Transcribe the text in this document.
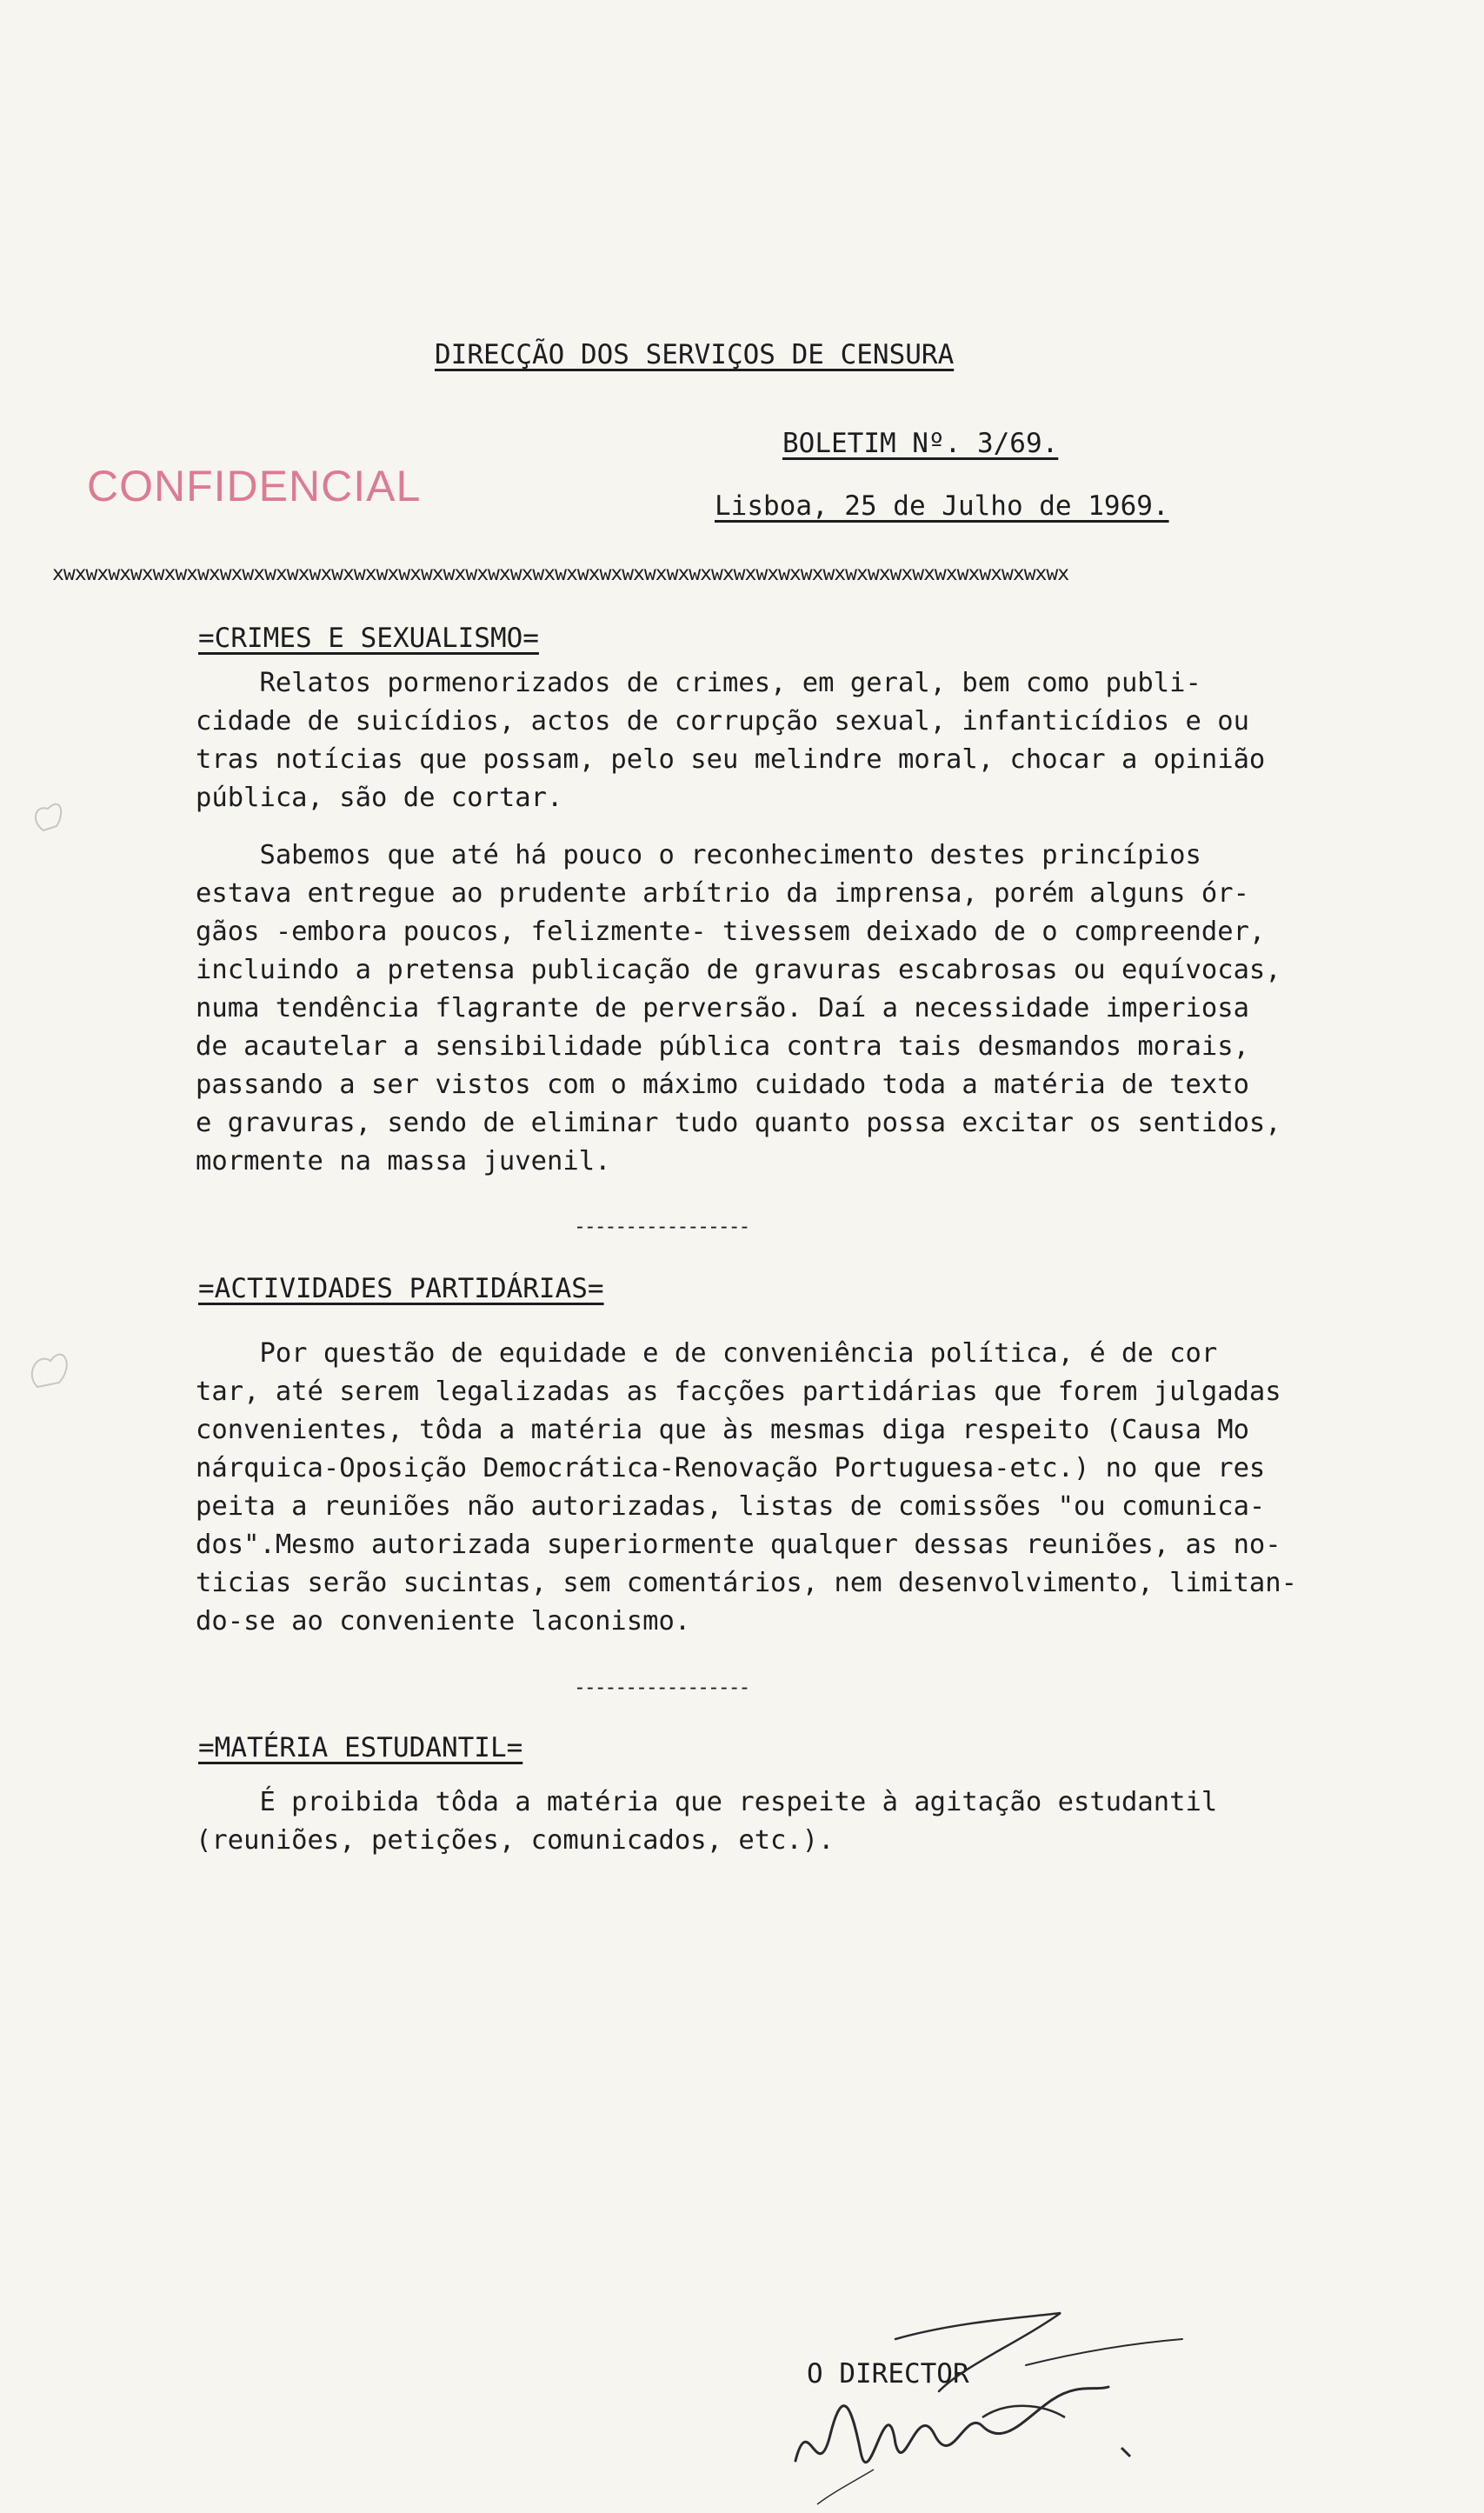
DIRECÇÃO DOS SERVIÇOS DE CENSURA
BOLETIM Nº. 3/69.
Lisboa, 25 de Julho de 1969.
CONFIDENCIAL
xwxwxwxwxwxwxwxwxwxwxwxwxwxwxwxwxwxwxwxwxwxwxwxwxwxwxwxwxwxwxwxwxwxwxwxwxwxwxwxwxwxwxwxwxwx
=CRIMES E SEXUALISMO=
Relatos pormenorizados de crimes, em geral, bem como publi-
cidade de suicídios, actos de corrupção sexual, infanticídios e ou
tras notícias que possam, pelo seu melindre moral, chocar a opinião
pública, são de cortar.
Sabemos que até há pouco o reconhecimento destes princípios
estava entregue ao prudente arbítrio da imprensa, porém alguns ór-
gãos -embora poucos, felizmente- tivessem deixado de o compreender,
incluindo a pretensa publicação de gravuras escabrosas ou equívocas,
numa tendência flagrante de perversão. Daí a necessidade imperiosa
de acautelar a sensibilidade pública contra tais desmandos morais,
passando a ser vistos com o máximo cuidado toda a matéria de texto
e gravuras, sendo de eliminar tudo quanto possa excitar os sentidos,
mormente na massa juvenil.
-----------------
=ACTIVIDADES PARTIDÁRIAS=
Por questão de equidade e de conveniência política, é de cor
tar, até serem legalizadas as facções partidárias que forem julgadas
convenientes, tôda a matéria que às mesmas diga respeito (Causa Mo
nárquica-Oposição Democrática-Renovação Portuguesa-etc.) no que res
peita a reuniões não autorizadas, listas de comissões "ou comunica-
dos".Mesmo autorizada superiormente qualquer dessas reuniões, as no-
ticias serão sucintas, sem comentários, nem desenvolvimento, limitan-
do-se ao conveniente laconismo.
-----------------
=MATÉRIA ESTUDANTIL=
É proibida tôda a matéria que respeite à agitação estudantil
(reuniões, petições, comunicados, etc.).
O DIRECTOR
